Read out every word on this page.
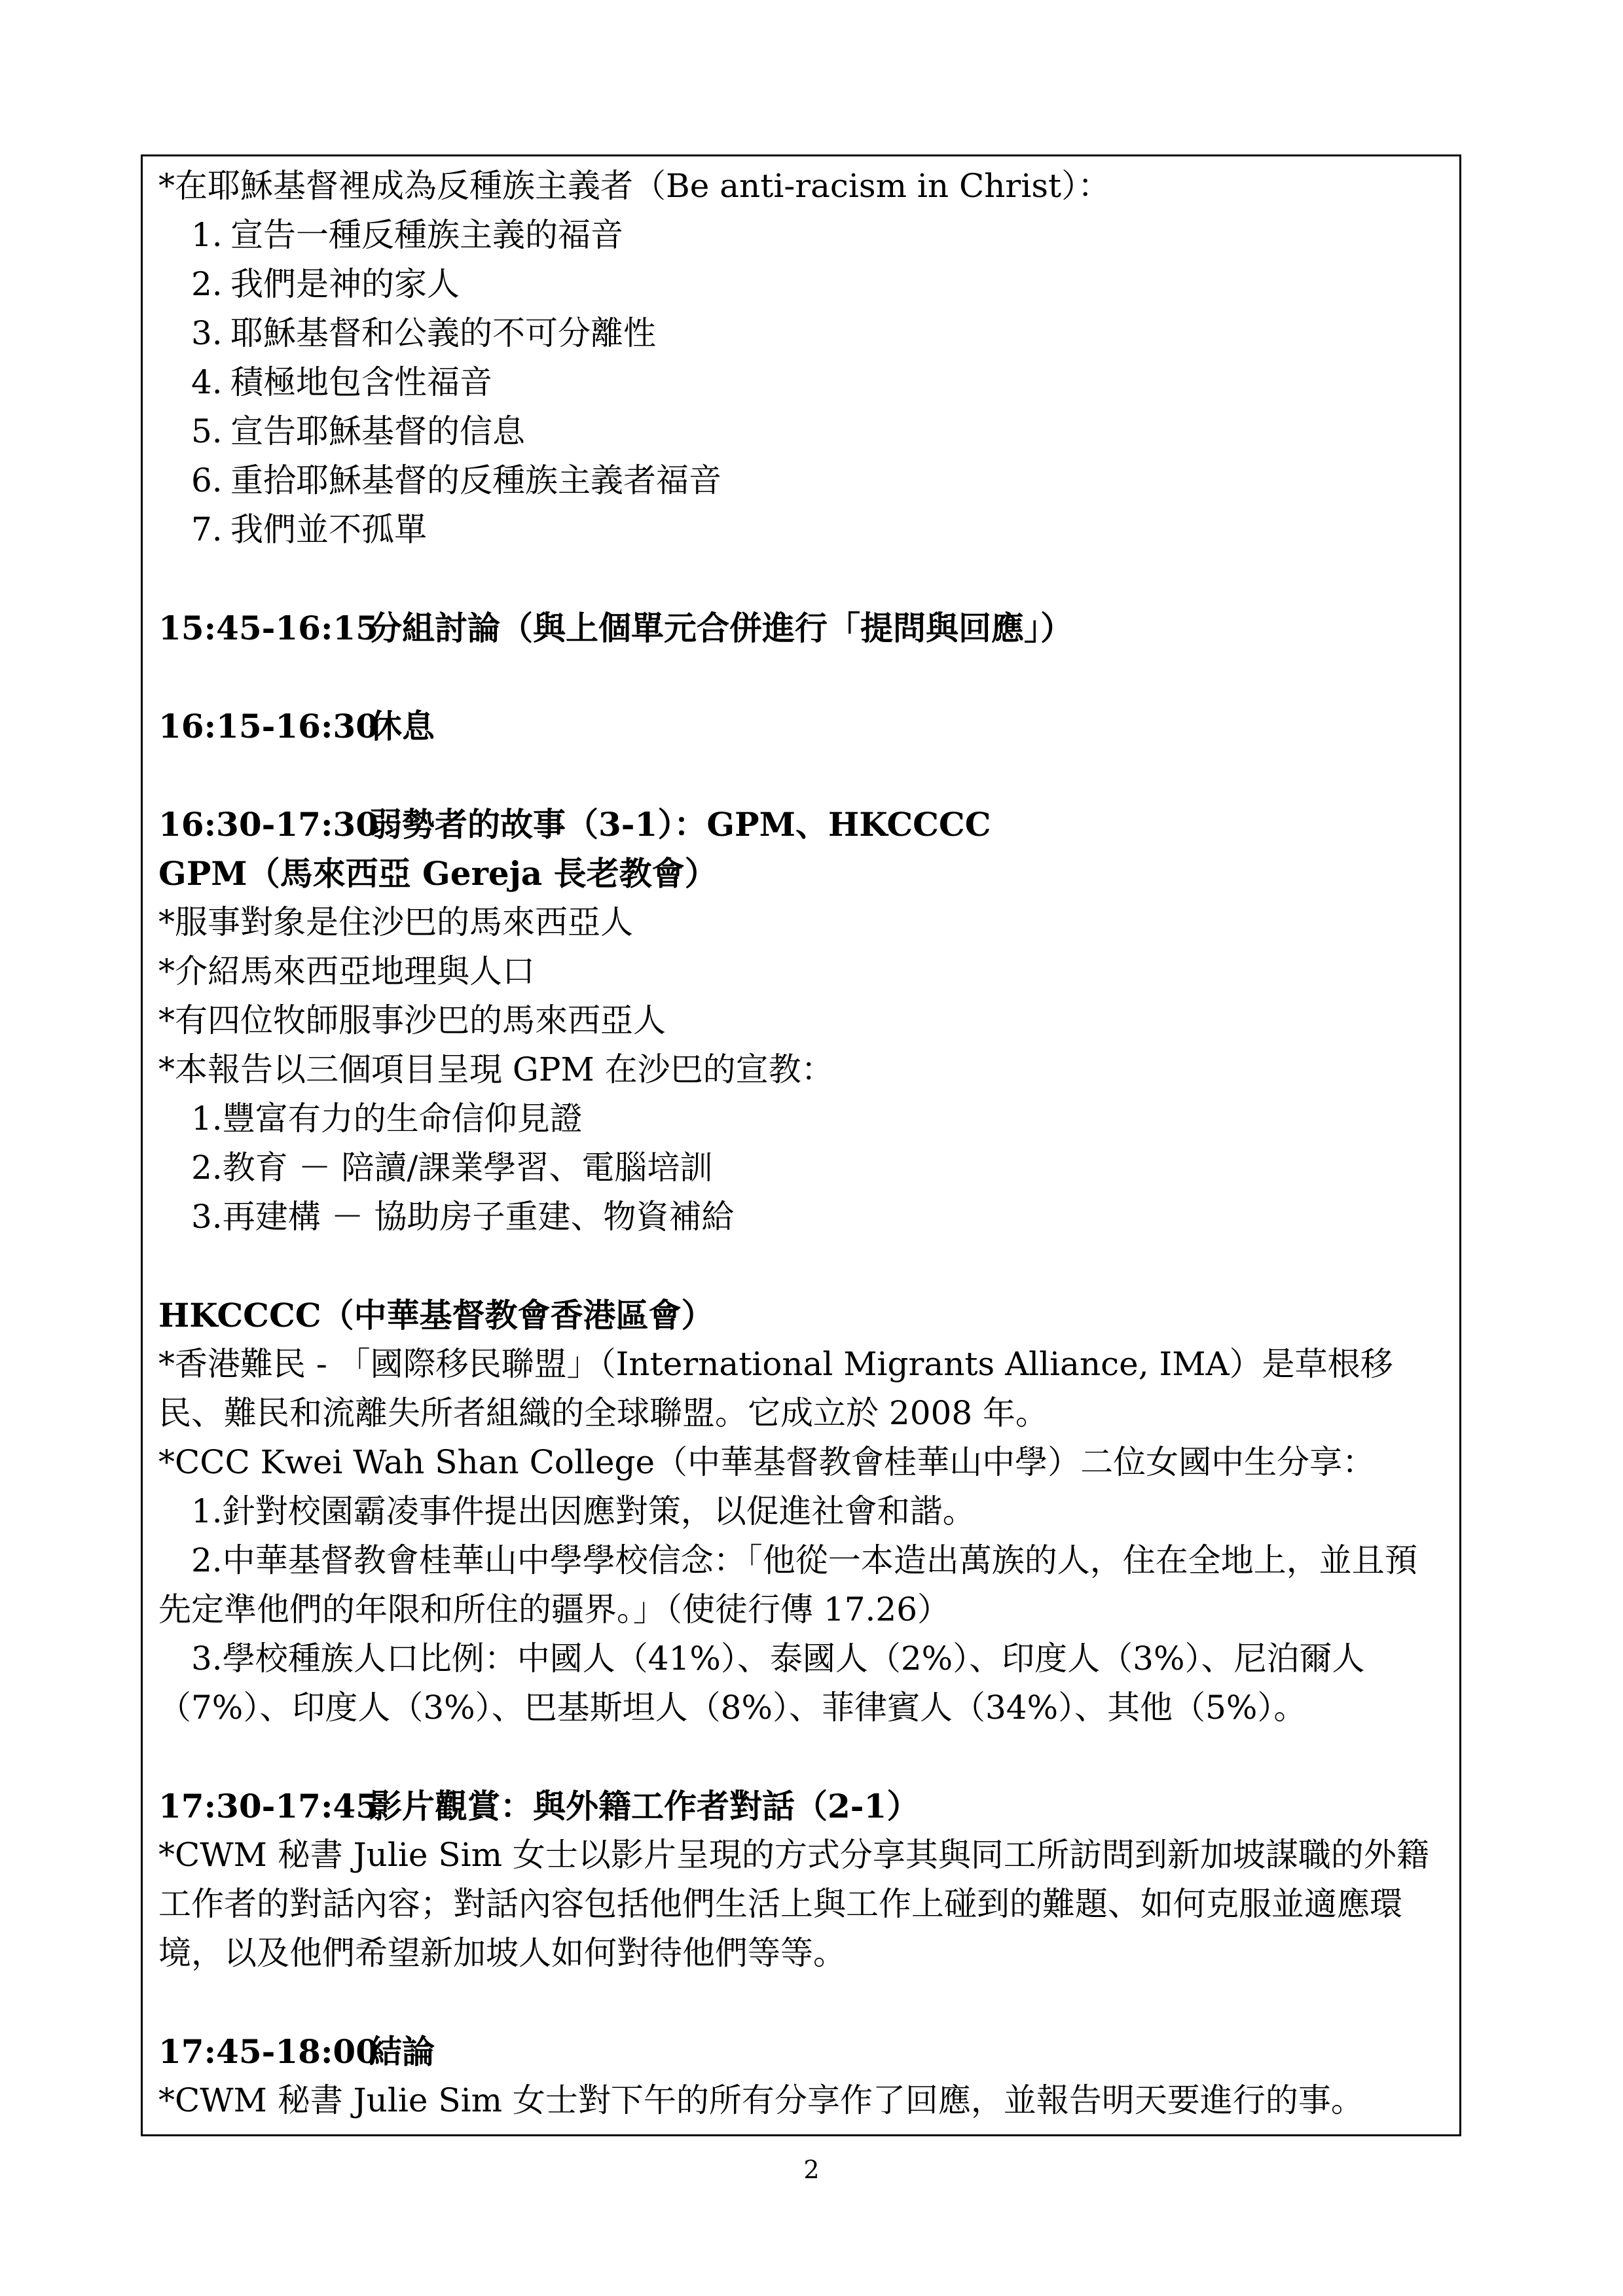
*在耶穌基督裡成為反種族主義者（Be anti-racism in Christ）：
1. 宣告一種反種族主義的福音
2. 我們是神的家人
3. 耶穌基督和公義的不可分離性
4. 積極地包含性福音
5. 宣告耶穌基督的信息
6. 重拾耶穌基督的反種族主義者福音
7. 我們並不孤單
15:45-16:15分組討論（與上個單元合併進行「提問與回應」）
16:15-16:30休息
16:30-17:30弱勢者的故事（3-1）：GPM、HKCCCC
GPM（馬來西亞 Gereja 長老教會）
*服事對象是住沙巴的馬來西亞人
*介紹馬來西亞地理與人口
*有四位牧師服事沙巴的馬來西亞人
*本報告以三個項目呈現 GPM 在沙巴的宣教：
1.豐富有力的生命信仰見證
2.教育 － 陪讀/課業學習、電腦培訓
3.再建構 － 協助房子重建、物資補給
HKCCCC（中華基督教會香港區會）
*香港難民 - 「國際移民聯盟」（International Migrants Alliance, IMA）是草根移民、難民和流離失所者組織的全球聯盟。它成立於 2008 年。
*CCC Kwei Wah Shan College（中華基督教會桂華山中學）二位女國中生分享：
1.針對校園霸凌事件提出因應對策，以促進社會和諧。
2.中華基督教會桂華山中學學校信念：「他從一本造出萬族的人，住在全地上，並且預先定準他們的年限和所住的疆界。」（使徒行傳 17.26）
3.學校種族人口比例：中國人（41%）、泰國人（2%）、印度人（3%）、尼泊爾人（7%）、印度人（3%）、巴基斯坦人（8%）、菲律賓人（34%）、其他（5%）。
17:30-17:45影片觀賞：與外籍工作者對話（2-1）
*CWM 秘書 Julie Sim 女士以影片呈現的方式分享其與同工所訪問到新加坡謀職的外籍工作者的對話內容；對話內容包括他們生活上與工作上碰到的難題、如何克服並適應環境，以及他們希望新加坡人如何對待他們等等。
17:45-18:00結論
*CWM 秘書 Julie Sim 女士對下午的所有分享作了回應，並報告明天要進行的事。
2
